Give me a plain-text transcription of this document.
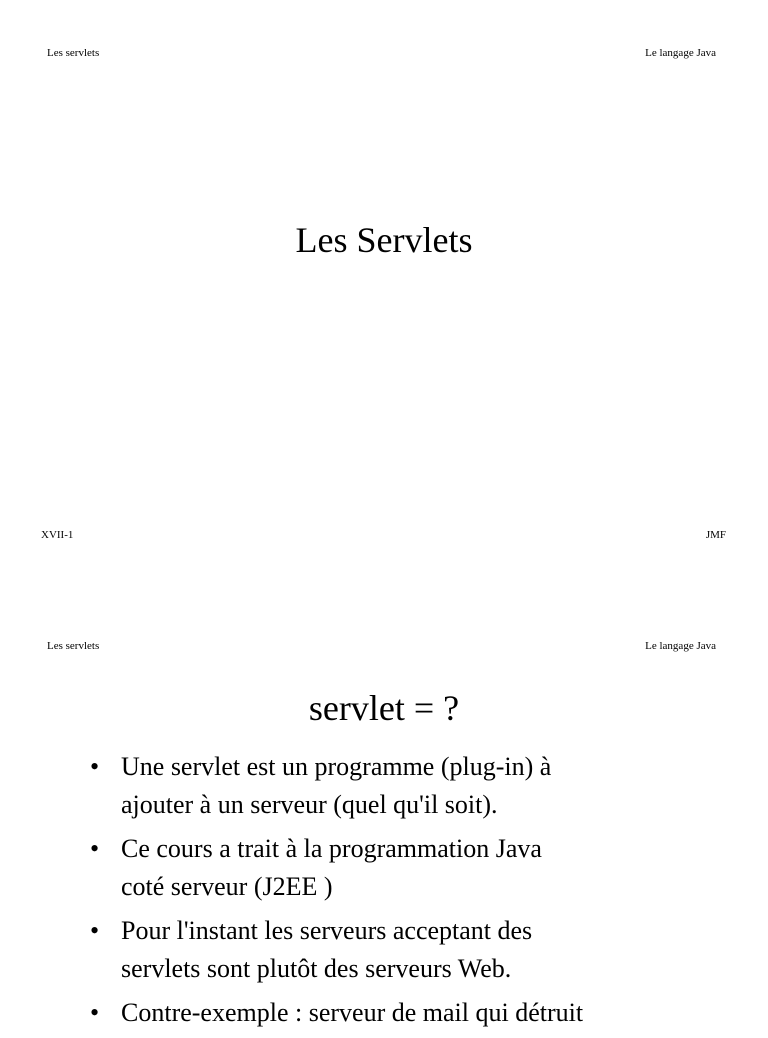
Les servlets	Le langage Java
Les Servlets
XVII-1	JMF
Les servlets	Le langage Java
servlet = ?
• Une servlet est un programme (plug-in) à
ajouter à un serveur (quel qu'il soit).
• Ce cours a trait à la programmation Java
coté serveur (J2EE )
• Pour l'instant les serveurs acceptant des
servlets sont plutôt des serveurs Web.
• Contre-exemple : serveur de mail qui détruit
